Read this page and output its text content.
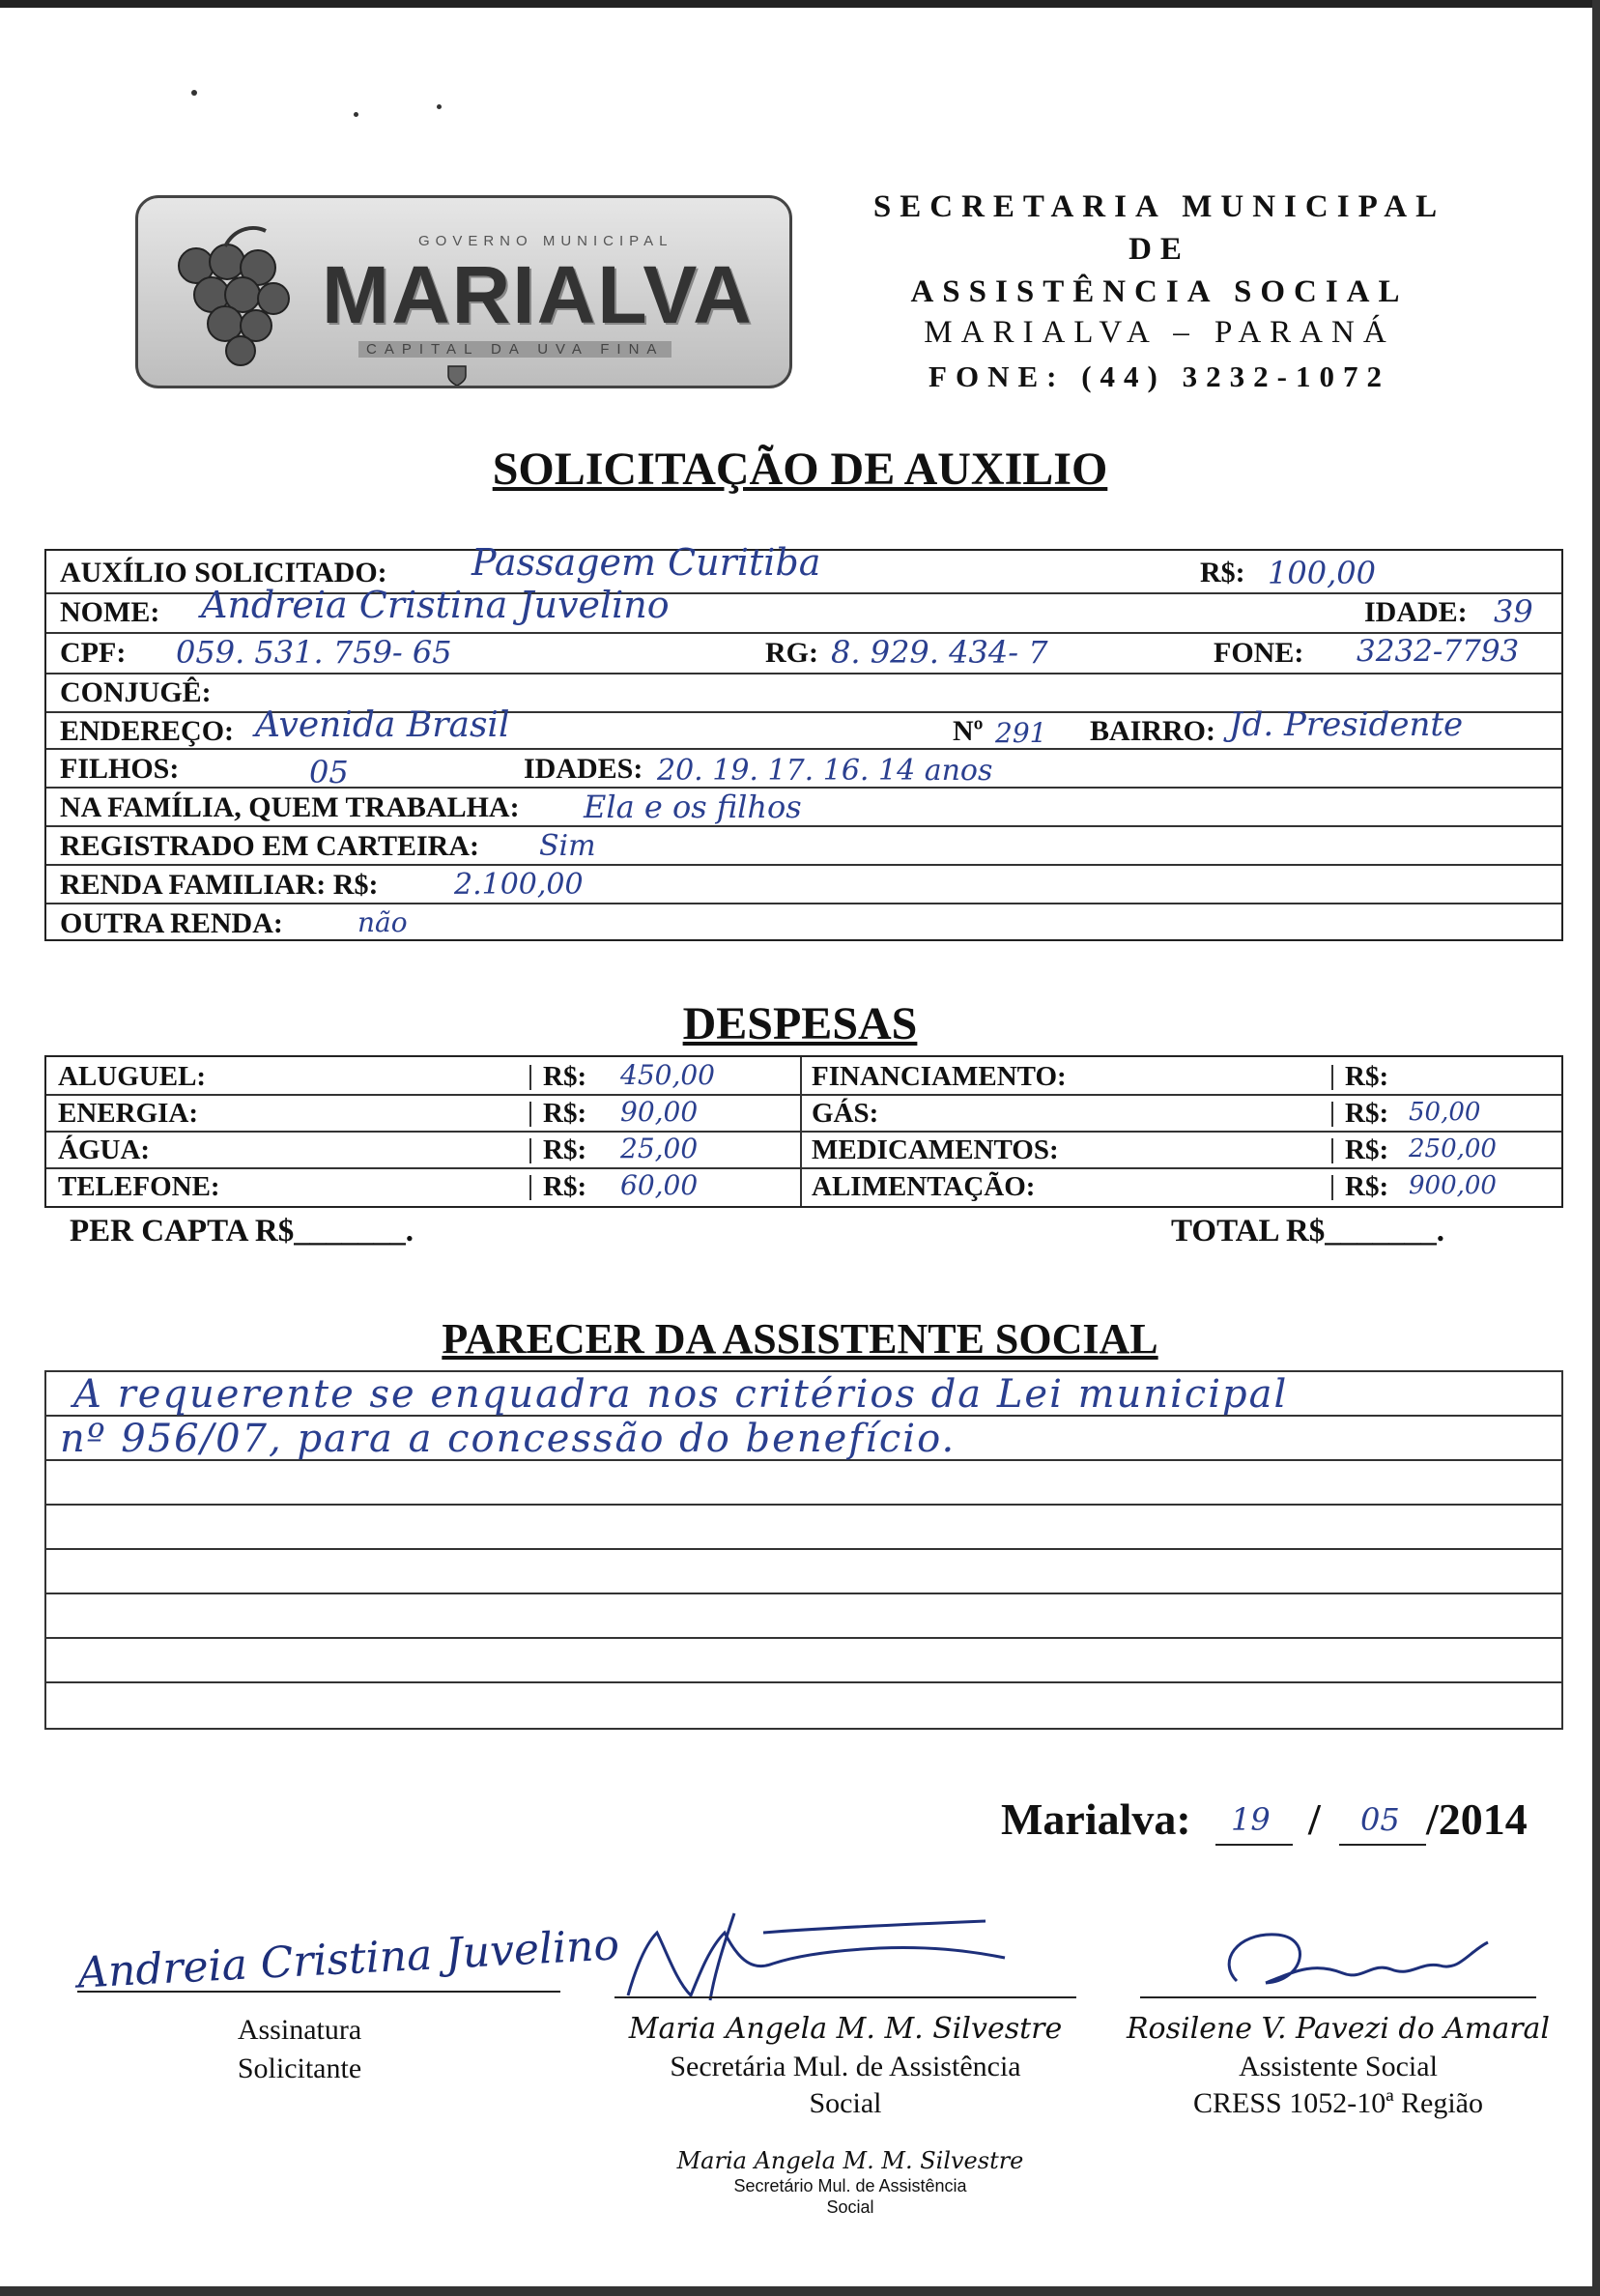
GOVERNO MUNICIPAL
MARIALVA
CAPITAL DA UVA FINA
SECRETARIA MUNICIPAL
DE
ASSISTÊNCIA SOCIAL
MARIALVA – PARANÁ
FONE: (44) 3232-1072
SOLICITAÇÃO DE AUXILIO
AUXÍLIO SOLICITADO: Passagem Curitiba	R$: 100,00
NOME: Andreia Cristina Juvelino	IDADE: 39
CPF: 059. 531. 759- 65	RG: 8. 929. 434- 7	FONE: 3232-7793
CONJUGÊ:
ENDEREÇO: Avenida Brasil	Nº 291 BAIRRO: Jd. Presidente
FILHOS:	05	IDADES: 20. 19. 17. 16. 14 anos
NA FAMÍLIA, QUEM TRABALHA: Ela e os filhos
REGISTRADO EM CARTEIRA: Sim
RENDA FAMILIAR: R$:	2.100,00
OUTRA RENDA:	não
DESPESAS
ALUGUEL:	R$: 450,00	FINANCIAMENTO:	R$:
ENERGIA:	R$: 90,00	GÁS:	R$: 50,00
ÁGUA:	R$: 25,00	MEDICAMENTOS:	R$: 250,00
TELEFONE:	R$: 60,00	ALIMENTAÇÃO:	R$: 900,00
PER CAPTA R$_______.	TOTAL R$_______.
PARECER DA ASSISTENTE SOCIAL
A requerente se enquadra nos critérios da Lei municipal
nº 956/07, para a concessão do benefício.
Marialva: 19 / 05 /2014
Andreia Cristina Juvelino
Assinatura
Solicitante
Maria Angela M. M. Silvestre
Secretária Mul. de Assistência
Social
Rosilene V. Pavezi do Amaral
Assistente Social
CRESS 1052-10ª Região
Maria Angela M. M. Silvestre
Secretário Mul. de Assistência
Social
